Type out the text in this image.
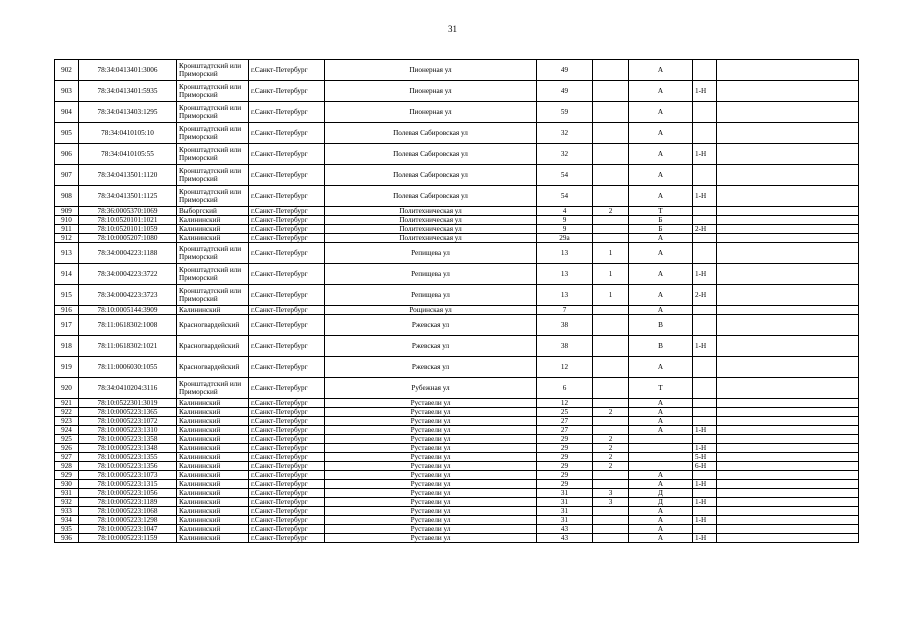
31
902	78:34:0413401:3006	Кронштадтский или Приморский	г.Санкт-Петербург	Пионерная ул	49		А		
903	78:34:0413401:5935	Кронштадтский или Приморский	г.Санкт-Петербург	Пионерная ул	49		А	1-Н	
904	78:34:0413403:1295	Кронштадтский или Приморский	г.Санкт-Петербург	Пионерная ул	59		А		
905	78:34:0410105:10	Кронштадтский или Приморский	г.Санкт-Петербург	Полевая Сабировская ул	32		А		
906	78:34:0410105:55	Кронштадтский или Приморский	г.Санкт-Петербург	Полевая Сабировская ул	32		А	1-Н	
907	78:34:0413501:1120	Кронштадтский или Приморский	г.Санкт-Петербург	Полевая Сабировская ул	54		А		
908	78:34:0413501:1125	Кронштадтский или Приморский	г.Санкт-Петербург	Полевая Сабировская ул	54		А	1-Н	
909	78:36:0005370:1069	Выборгский	г.Санкт-Петербург	Политехническая ул	4	2	Т		
910	78:10:0520101:1021	Калининский	г.Санкт-Петербург	Политехническая ул	9		Б		
911	78:10:0520101:1059	Калининский	г.Санкт-Петербург	Политехническая ул	9		Б	2-Н	
912	78:10:0005207:1080	Калининский	г.Санкт-Петербург	Политехническая ул	29а		А		
913	78:34:0004223:1188	Кронштадтский или Приморский	г.Санкт-Петербург	Репищева ул	13	1	А		
914	78:34:0004223:3722	Кронштадтский или Приморский	г.Санкт-Петербург	Репищева ул	13	1	А	1-Н	
915	78:34:0004223:3723	Кронштадтский или Приморский	г.Санкт-Петербург	Репищева ул	13	1	А	2-Н	
916	78:10:0005144:3909	Калининский	г.Санкт-Петербург	Рощинская ул	7		А		
917	78:11:0618302:1008	Красногвардейский	г.Санкт-Петербург	Ржевская ул	38		В		
918	78:11:0618302:1021	Красногвардейский	г.Санкт-Петербург	Ржевская ул	38		В	1-Н	
919	78:11:0006030:1055	Красногвардейский	г.Санкт-Петербург	Ржевская ул	12		А		
920	78:34:0410204:3116	Кронштадтский или Приморский	г.Санкт-Петербург	Рубежная ул	6		Т		
921	78:10:0522301:3019	Калининский	г.Санкт-Петербург	Руставели ул	12		А		
922	78:10:0005223:1365	Калининский	г.Санкт-Петербург	Руставели ул	25	2	А		
923	78:10:0005223:1072	Калининский	г.Санкт-Петербург	Руставели ул	27		А		
924	78:10:0005223:1310	Калининский	г.Санкт-Петербург	Руставели ул	27		А	1-Н	
925	78:10:0005223:1358	Калининский	г.Санкт-Петербург	Руставели ул	29	2			
926	78:10:0005223:1348	Калининский	г.Санкт-Петербург	Руставели ул	29	2		1-Н	
927	78:10:0005223:1355	Калининский	г.Санкт-Петербург	Руставели ул	29	2		5-Н	
928	78:10:0005223:1356	Калининский	г.Санкт-Петербург	Руставели ул	29	2		6-Н	
929	78:10:0005223:1073	Калининский	г.Санкт-Петербург	Руставели ул	29		А		
930	78:10:0005223:1315	Калининский	г.Санкт-Петербург	Руставели ул	29		А	1-Н	
931	78:10:0005223:1056	Калининский	г.Санкт-Петербург	Руставели ул	31	3	Д		
932	78:10:0005223:1189	Калининский	г.Санкт-Петербург	Руставели ул	31	3	Д	1-Н	
933	78:10:0005223:1068	Калининский	г.Санкт-Петербург	Руставели ул	31		А		
934	78:10:0005223:1298	Калининский	г.Санкт-Петербург	Руставели ул	31		А	1-Н	
935	78:10:0005223:1047	Калининский	г.Санкт-Петербург	Руставели ул	43		А		
936	78:10:0005223:1159	Калининский	г.Санкт-Петербург	Руставели ул	43		А	1-Н	
